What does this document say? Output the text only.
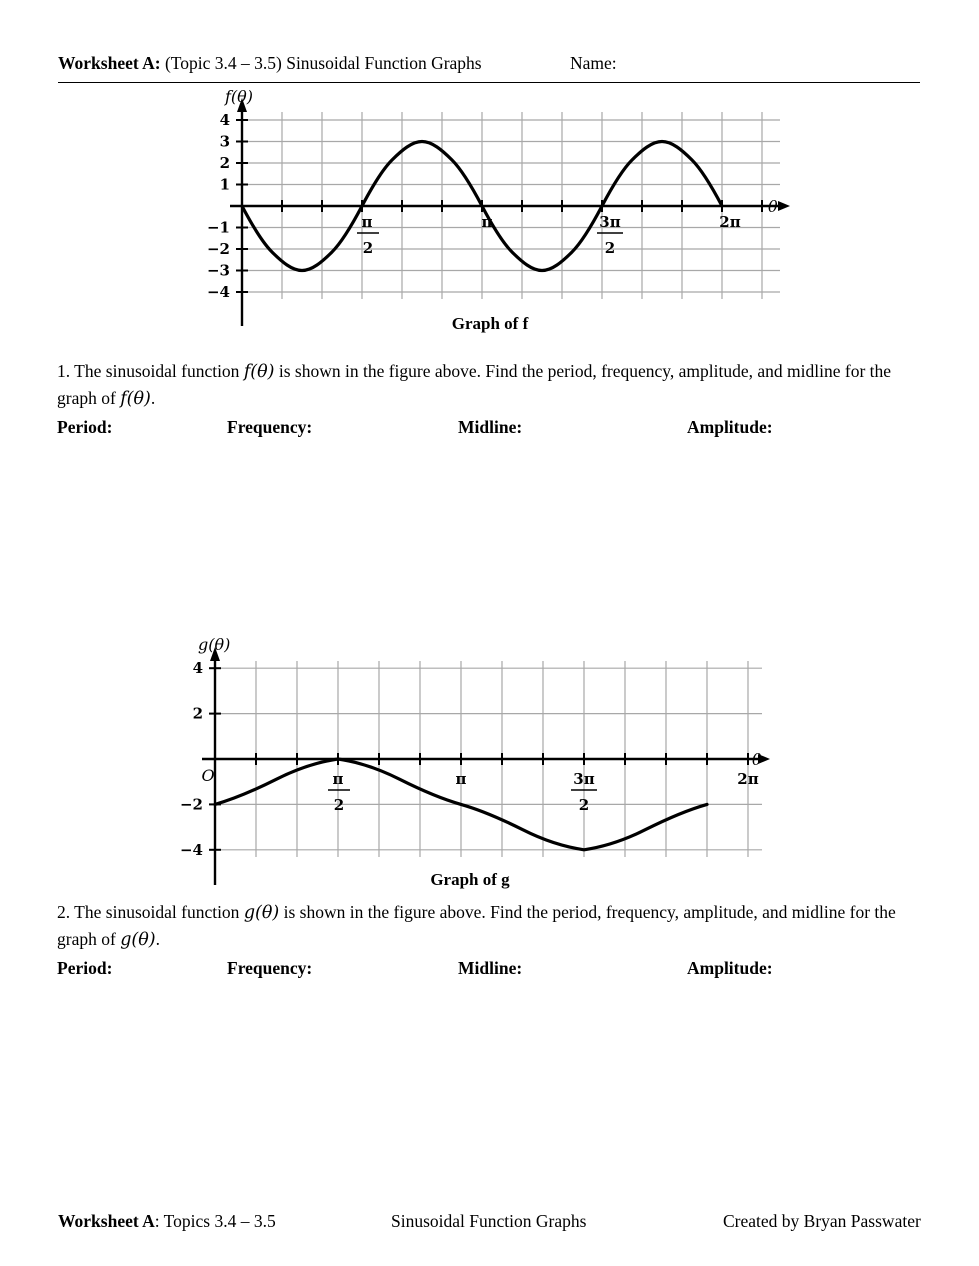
Worksheet A: (Topic 3.4 – 3.5) Sinusoidal Function Graphs	Name:
4
3
2
1
−1
−2
−3
−4
π
2
π	3π
2
2π
f(θ)
θ
Graph of f
1. The sinusoidal function f(θ) is shown in the figure above. Find the period, frequency, amplitude, and midline for the graph of f(θ).
Period:	Frequency:	Midline:	Amplitude:
4
2
−2
−4
O	π
2
π	3π
2
2π
g(θ)
θ
Graph of g
2. The sinusoidal function g(θ) is shown in the figure above. Find the period, frequency, amplitude, and midline for the graph of g(θ).
Period:	Frequency:	Midline:	Amplitude:
Worksheet A : Topics 3.4 – 3.5	Sinusoidal Function Graphs	Created by Bryan Passwater
